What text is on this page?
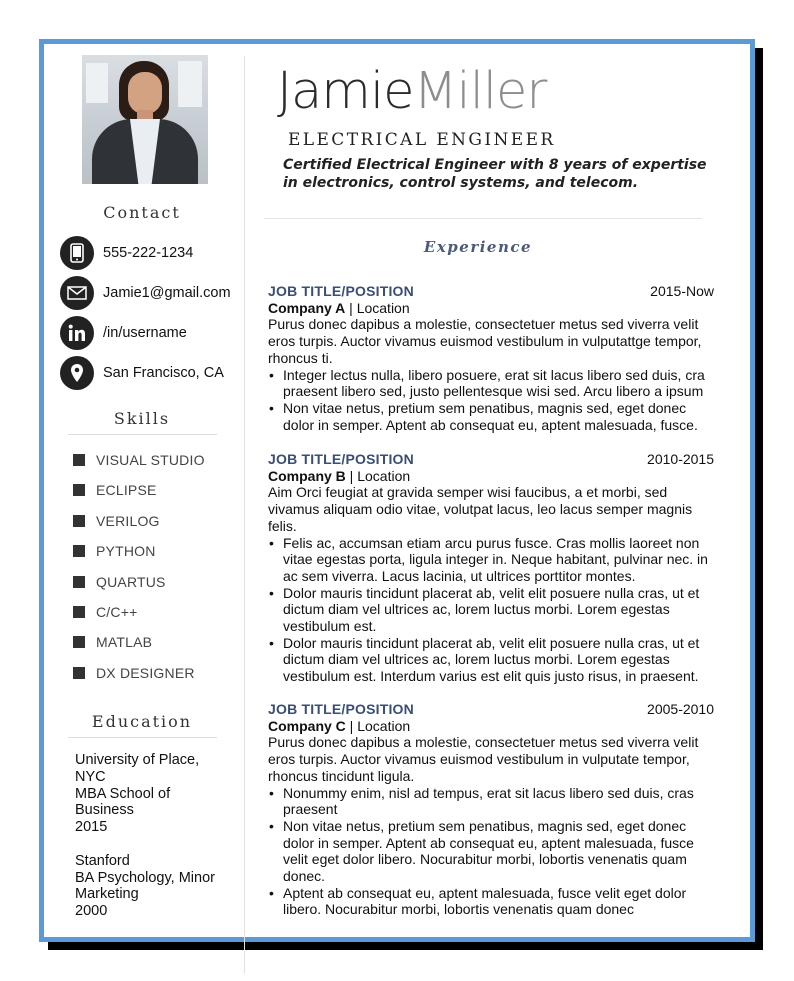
Contact
555-222-1234
Jamie1@gmail.com
/in/username
San Francisco, CA
Skills
VISUAL STUDIO
ECLIPSE
VERILOG
PYTHON
QUARTUS
C/C++
MATLAB
DX DESIGNER
Education
University of Place,
NYC
MBA School of
Business
2015
Stanford
BA Psychology, Minor
Marketing
2000
JamieMiller
ELECTRICAL ENGINEER
Certified Electrical Engineer with 8 years of expertise in electronics, control systems, and telecom.
Experience
JOB TITLE/POSITION	2015-Now
Company A | Location
Purus donec dapibus a molestie, consectetuer metus sed viverra velit eros turpis. Auctor vivamus euismod vestibulum in vulputattge tempor, rhoncus ti.
• Integer lectus nulla, libero posuere, erat sit lacus libero sed duis, cra praesent libero sed, justo pellentesque wisi sed. Arcu libero a ipsum
• Non vitae netus, pretium sem penatibus, magnis sed, eget donec dolor in semper. Aptent ab consequat eu, aptent malesuada, fusce.
JOB TITLE/POSITION	2010-2015
Company B | Location
Aim Orci feugiat at gravida semper wisi faucibus, a et morbi, sed vivamus aliquam odio vitae, volutpat lacus, leo lacus semper magnis felis.
• Felis ac, accumsan etiam arcu purus fusce. Cras mollis laoreet non vitae egestas porta, ligula integer in. Neque habitant, pulvinar nec. in ac sem viverra. Lacus lacinia, ut ultrices porttitor montes.
• Dolor mauris tincidunt placerat ab, velit elit posuere nulla cras, ut et dictum diam vel ultrices ac, lorem luctus morbi. Lorem egestas vestibulum est.
• Dolor mauris tincidunt placerat ab, velit elit posuere nulla cras, ut et dictum diam vel ultrices ac, lorem luctus morbi. Lorem egestas vestibulum est. Interdum varius est elit quis justo risus, in praesent.
JOB TITLE/POSITION	2005-2010
Company C | Location
Purus donec dapibus a molestie, consectetuer metus sed viverra velit eros turpis. Auctor vivamus euismod vestibulum in vulputate tempor, rhoncus tincidunt ligula.
• Nonummy enim, nisl ad tempus, erat sit lacus libero sed duis, cras praesent
• Non vitae netus, pretium sem penatibus, magnis sed, eget donec dolor in semper. Aptent ab consequat eu, aptent malesuada, fusce velit eget dolor libero. Nocurabitur morbi, lobortis venenatis quam donec.
• Aptent ab consequat eu, aptent malesuada, fusce velit eget dolor libero. Nocurabitur morbi, lobortis venenatis quam donec
